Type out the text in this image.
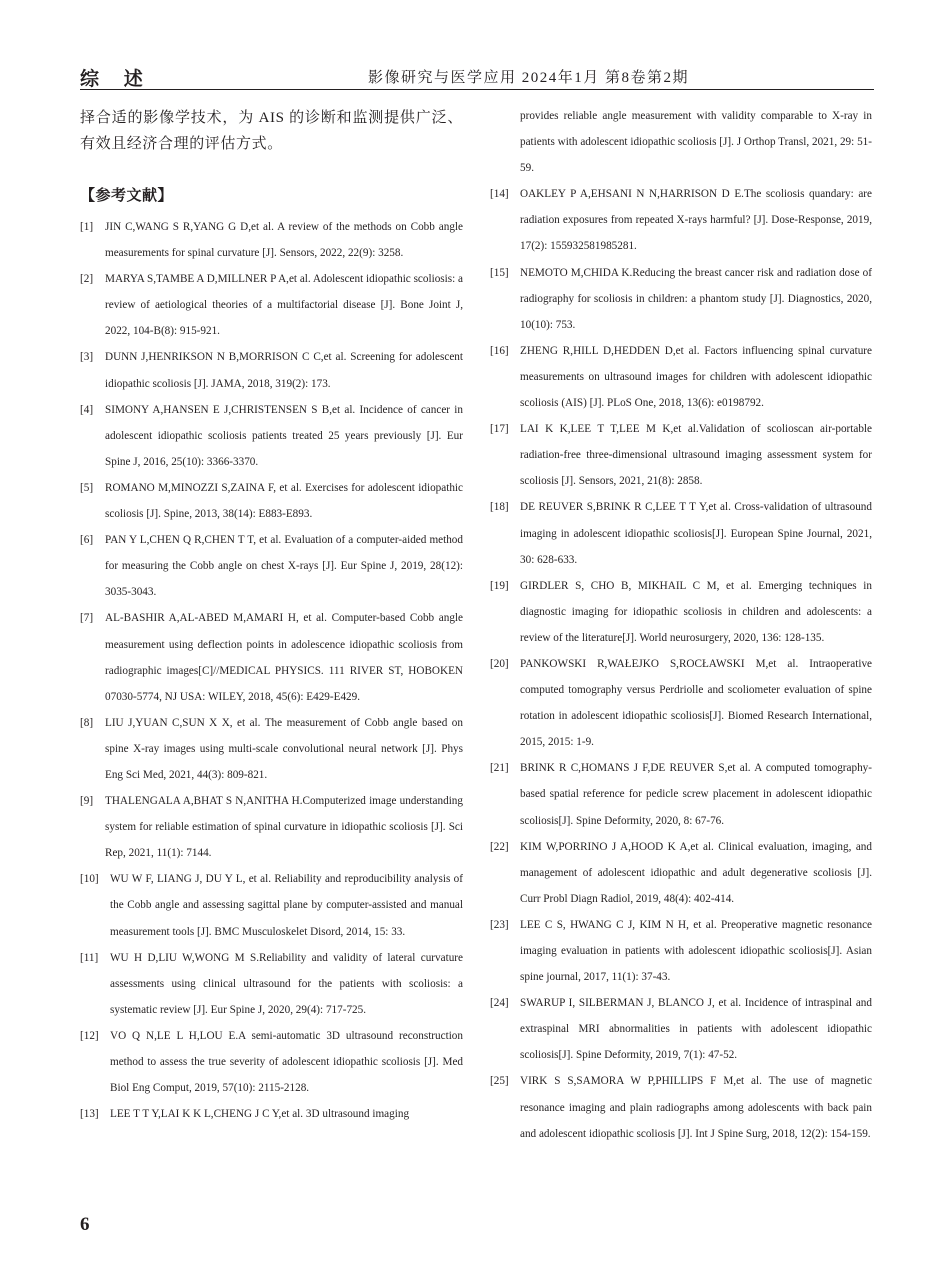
综 述	影像研究与医学应用 2024年1月 第8卷第2期

择合适的影像学技术，为 AIS 的诊断和监测提供广泛、有效且经济合理的评估方式。

【参考文献】
[1]	JIN C,WANG S R,YANG G D,et al. A review of the methods on Cobb angle measurements for spinal curvature [J]. Sensors, 2022, 22(9): 3258.
[2]	MARYA S,TAMBE A D,MILLNER P A,et al. Adolescent idiopathic scoliosis: a review of aetiological theories of a multifactorial disease [J]. Bone Joint J, 2022, 104-B(8): 915-921.
[3]	DUNN J,HENRIKSON N B,MORRISON C C,et al. Screening for adolescent idiopathic scoliosis [J]. JAMA, 2018, 319(2): 173.
[4]	SIMONY A,HANSEN E J,CHRISTENSEN S B,et al. Incidence of cancer in adolescent idiopathic scoliosis patients treated 25 years previously [J]. Eur Spine J, 2016, 25(10): 3366-3370.
[5]	ROMANO M,MINOZZI S,ZAINA F, et al. Exercises for adolescent idiopathic scoliosis [J]. Spine, 2013, 38(14): E883-E893.
[6]	PAN Y L,CHEN Q R,CHEN T T, et al. Evaluation of a computer-aided method for measuring the Cobb angle on chest X-rays [J]. Eur Spine J, 2019, 28(12): 3035-3043.
[7]	AL-BASHIR A,AL-ABED M,AMARI H, et al. Computer-based Cobb angle measurement using deflection points in adolescence idiopathic scoliosis from radiographic images[C]//MEDICAL PHYSICS. 111 RIVER ST, HOBOKEN 07030-5774, NJ USA: WILEY, 2018, 45(6): E429-E429.
[8]	LIU J,YUAN C,SUN X X, et al. The measurement of Cobb angle based on spine X-ray images using multi-scale convolutional neural network [J]. Phys Eng Sci Med, 2021, 44(3): 809-821.
[9]	THALENGALA A,BHAT S N,ANITHA H.Computerized image understanding system for reliable estimation of spinal curvature in idiopathic scoliosis [J]. Sci Rep, 2021, 11(1): 7144.
[10]	WU W F, LIANG J, DU Y L, et al. Reliability and reproducibility analysis of the Cobb angle and assessing sagittal plane by computer-assisted and manual measurement tools [J]. BMC Musculoskelet Disord, 2014, 15: 33.
[11]	WU H D,LIU W,WONG M S.Reliability and validity of lateral curvature assessments using clinical ultrasound for the patients with scoliosis: a systematic review [J]. Eur Spine J, 2020, 29(4): 717-725.
[12]	VO Q N,LE L H,LOU E.A semi-automatic 3D ultrasound reconstruction method to assess the true severity of adolescent idiopathic scoliosis [J]. Med Biol Eng Comput, 2019, 57(10): 2115-2128.
[13]	LEE T T Y,LAI K K L,CHENG J C Y,et al. 3D ultrasound imaging
provides reliable angle measurement with validity comparable to X-ray in patients with adolescent idiopathic scoliosis [J]. J Orthop Transl, 2021, 29: 51-59.
[14]	OAKLEY P A,EHSANI N N,HARRISON D E.The scoliosis quandary: are radiation exposures from repeated X-rays harmful? [J]. Dose-Response, 2019, 17(2): 155932581985281.
[15]	NEMOTO M,CHIDA K.Reducing the breast cancer risk and radiation dose of radiography for scoliosis in children: a phantom study [J]. Diagnostics, 2020, 10(10): 753.
[16]	ZHENG R,HILL D,HEDDEN D,et al. Factors influencing spinal curvature measurements on ultrasound images for children with adolescent idiopathic scoliosis (AIS) [J]. PLoS One, 2018, 13(6): e0198792.
[17]	LAI K K,LEE T T,LEE M K,et al.Validation of scolioscan air-portable radiation-free three-dimensional ultrasound imaging assessment system for scoliosis [J]. Sensors, 2021, 21(8): 2858.
[18]	DE REUVER S,BRINK R C,LEE T T Y,et al. Cross-validation of ultrasound imaging in adolescent idiopathic scoliosis[J]. European Spine Journal, 2021, 30: 628-633.
[19]	GIRDLER S, CHO B, MIKHAIL C M, et al. Emerging techniques in diagnostic imaging for idiopathic scoliosis in children and adolescents: a review of the literature[J]. World neurosurgery, 2020, 136: 128-135.
[20]	PANKOWSKI R,WAŁEJKO S,ROCŁAWSKI M,et al. Intraoperative computed tomography versus Perdriolle and scoliometer evaluation of spine rotation in adolescent idiopathic scoliosis[J]. Biomed Research International, 2015, 2015: 1-9.
[21]	BRINK R C,HOMANS J F,DE REUVER S,et al. A computed tomography-based spatial reference for pedicle screw placement in adolescent idiopathic scoliosis[J]. Spine Deformity, 2020, 8: 67-76.
[22]	KIM W,PORRINO J A,HOOD K A,et al. Clinical evaluation, imaging, and management of adolescent idiopathic and adult degenerative scoliosis [J]. Curr Probl Diagn Radiol, 2019, 48(4): 402-414.
[23]	LEE C S, HWANG C J, KIM N H, et al. Preoperative magnetic resonance imaging evaluation in patients with adolescent idiopathic scoliosis[J]. Asian spine journal, 2017, 11(1): 37-43.
[24]	SWARUP I, SILBERMAN J, BLANCO J, et al. Incidence of intraspinal and extraspinal MRI abnormalities in patients with adolescent idiopathic scoliosis[J]. Spine Deformity, 2019, 7(1): 47-52.
[25]	VIRK S S,SAMORA W P,PHILLIPS F M,et al. The use of magnetic resonance imaging and plain radiographs among adolescents with back pain and adolescent idiopathic scoliosis [J]. Int J Spine Surg, 2018, 12(2): 154-159.
6
